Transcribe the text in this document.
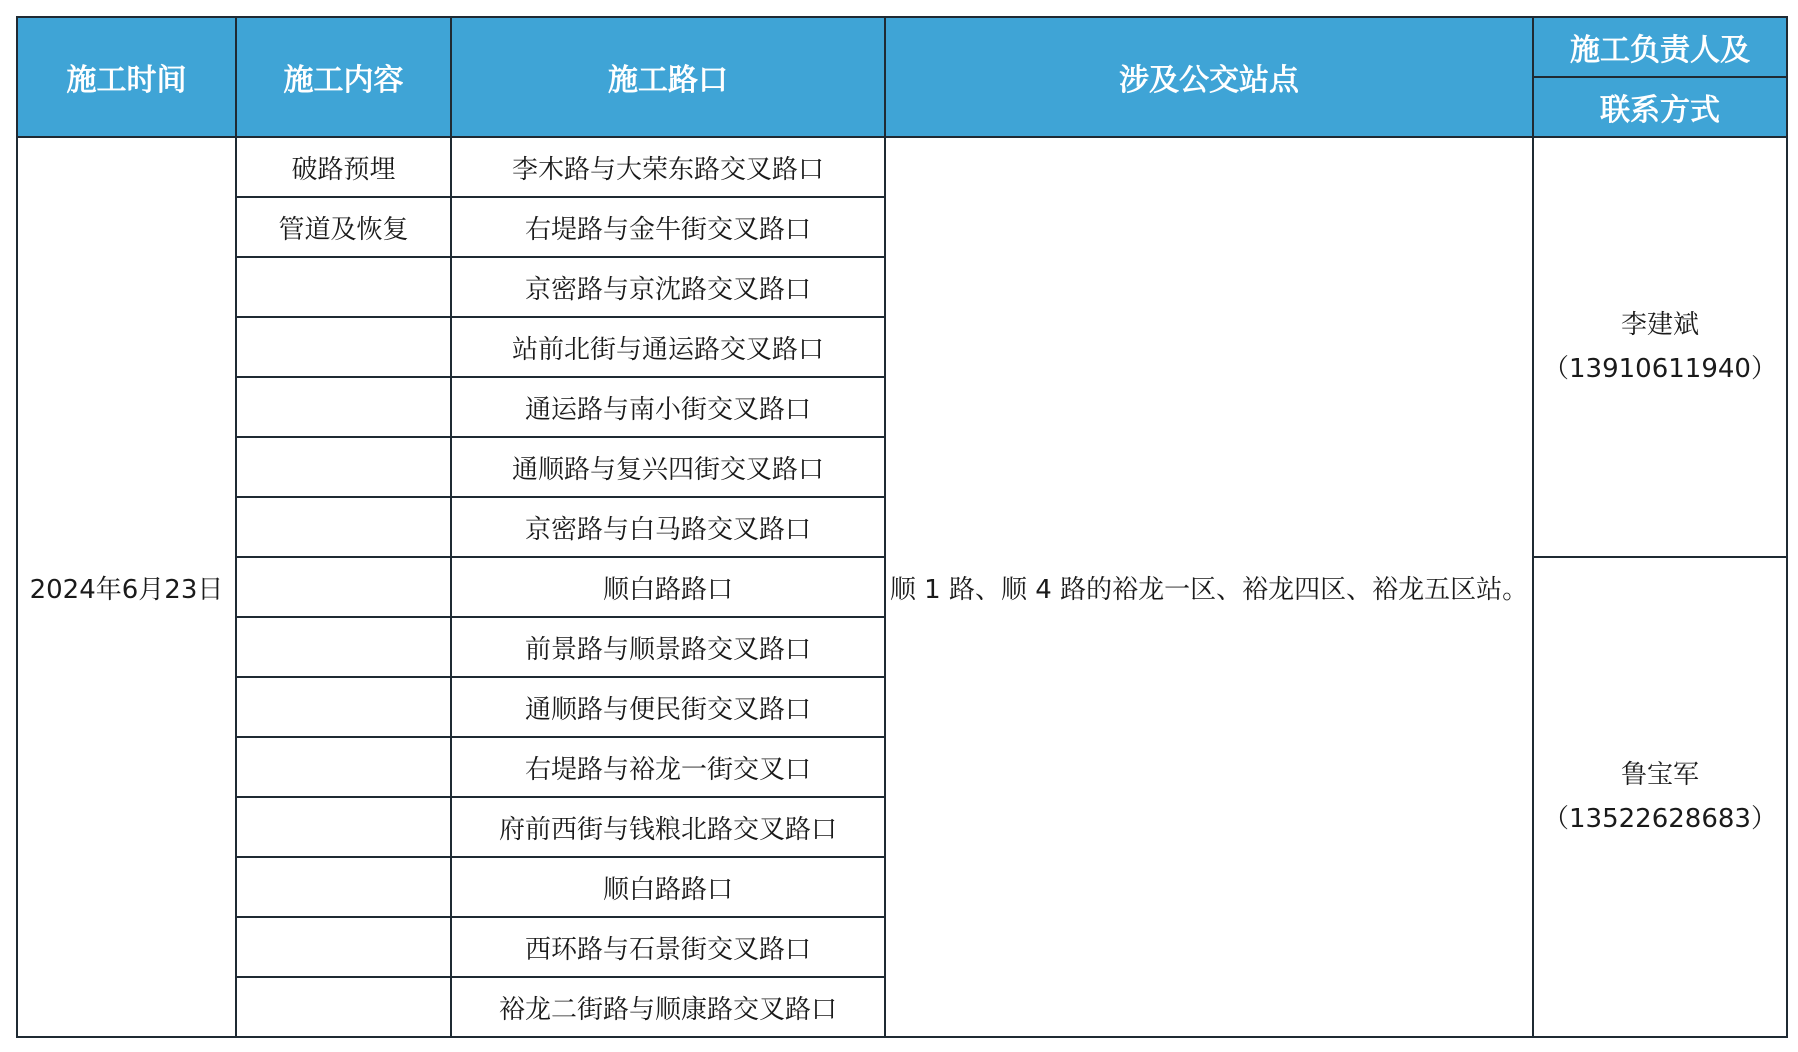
施工时间	施工内容	施工路口	涉及公交站点	施工负责人及
				联系方式
2024年6月23日	破路预埋	李木路与大荣东路交叉路口	顺 1 路、顺 4 路的裕龙一区、裕龙四区、裕龙五区站。	李建斌
（13910611940）

	管道及恢复	右堤路与金牛街交叉路口		
		京密路与京沈路交叉路口		
		站前北街与通运路交叉路口		
		通运路与南小街交叉路口		
		通顺路与复兴四街交叉路口		
		京密路与白马路交叉路口		
		顺白路路口		鲁宝军
（13522628683）

		前景路与顺景路交叉路口		
		通顺路与便民街交叉路口		
		右堤路与裕龙一街交叉口		
		府前西街与钱粮北路交叉路口		
		顺白路路口		
		西环路与石景街交叉路口		
		裕龙二街路与顺康路交叉路口		
